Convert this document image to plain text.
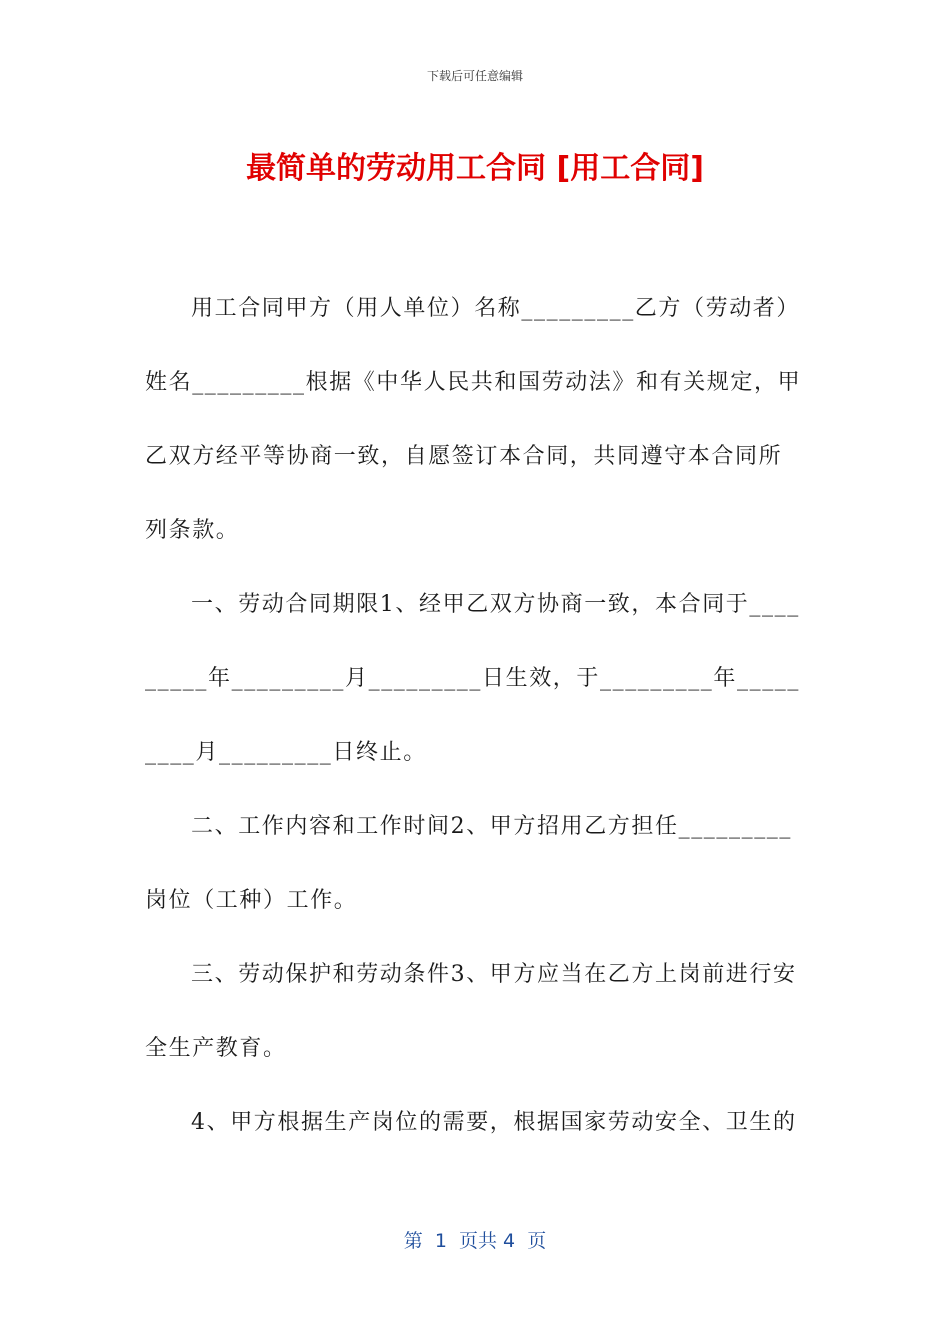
下载后可任意编辑
最简单的劳动用工合同 [用工合同]

用工合同甲方（用人单位）名称_________乙方（劳动者）姓名_________根据《中华人民共和国劳动法》和有关规定，甲乙双方经平等协商一致，自愿签订本合同，共同遵守本合同所列条款。

一、劳动合同期限1、经甲乙双方协商一致，本合同于_________年_________月_________日生效，于_________年_________月_________日终止。

二、工作内容和工作时间2、甲方招用乙方担任_________岗位（工种）工作。

三、劳动保护和劳动条件3、甲方应当在乙方上岗前进行安全生产教育。

4、甲方根据生产岗位的需要，根据国家劳动安全、卫生的

第  1  页共 4  页
